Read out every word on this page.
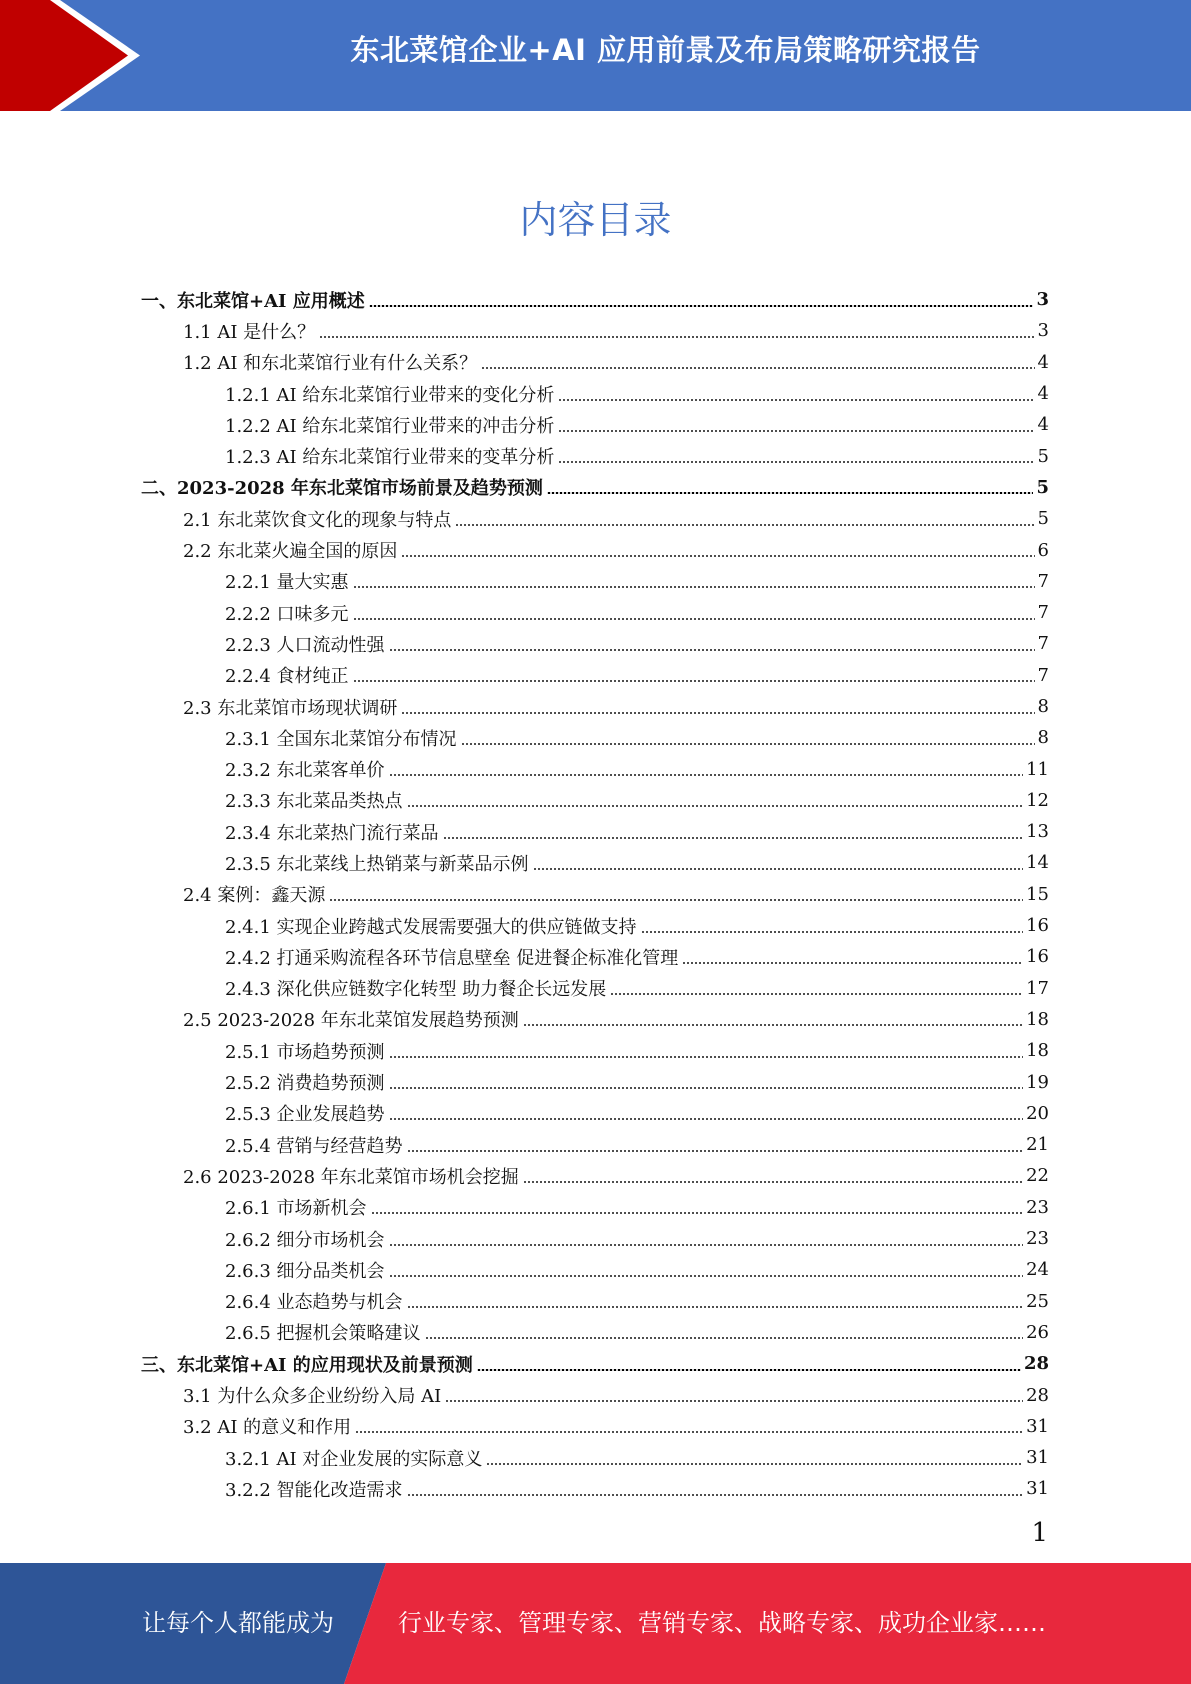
东北菜馆企业+AI 应用前景及布局策略研究报告
内容目录
一、东北菜馆+AI 应用概述	3
1.1 AI 是什么？	3
1.2 AI 和东北菜馆行业有什么关系？	4
1.2.1 AI 给东北菜馆行业带来的变化分析	4
1.2.2 AI 给东北菜馆行业带来的冲击分析	4
1.2.3 AI 给东北菜馆行业带来的变革分析	5
二、2023-2028 年东北菜馆市场前景及趋势预测	5
2.1 东北菜饮食文化的现象与特点	5
2.2 东北菜火遍全国的原因	6
2.2.1 量大实惠	7
2.2.2 口味多元	7
2.2.3 人口流动性强	7
2.2.4 食材纯正	7
2.3 东北菜馆市场现状调研	8
2.3.1 全国东北菜馆分布情况	8
2.3.2 东北菜客单价	11
2.3.3 东北菜品类热点	12
2.3.4 东北菜热门流行菜品	13
2.3.5 东北菜线上热销菜与新菜品示例	14
2.4 案例：鑫天源	15
2.4.1 实现企业跨越式发展需要强大的供应链做支持	16
2.4.2 打通采购流程各环节信息壁垒 促进餐企标准化管理	16
2.4.3 深化供应链数字化转型 助力餐企长远发展	17
2.5 2023-2028 年东北菜馆发展趋势预测	18
2.5.1 市场趋势预测	18
2.5.2 消费趋势预测	19
2.5.3 企业发展趋势	20
2.5.4 营销与经营趋势	21
2.6 2023-2028 年东北菜馆市场机会挖掘	22
2.6.1 市场新机会	23
2.6.2 细分市场机会	23
2.6.3 细分品类机会	24
2.6.4 业态趋势与机会	25
2.6.5 把握机会策略建议	26
三、东北菜馆+AI 的应用现状及前景预测	28
3.1 为什么众多企业纷纷入局 AI	28
3.2 AI 的意义和作用	31
3.2.1 AI 对企业发展的实际意义	31
3.2.2 智能化改造需求	31
1
让每个人都能成为	行业专家、管理专家、营销专家、战略专家、成功企业家……
